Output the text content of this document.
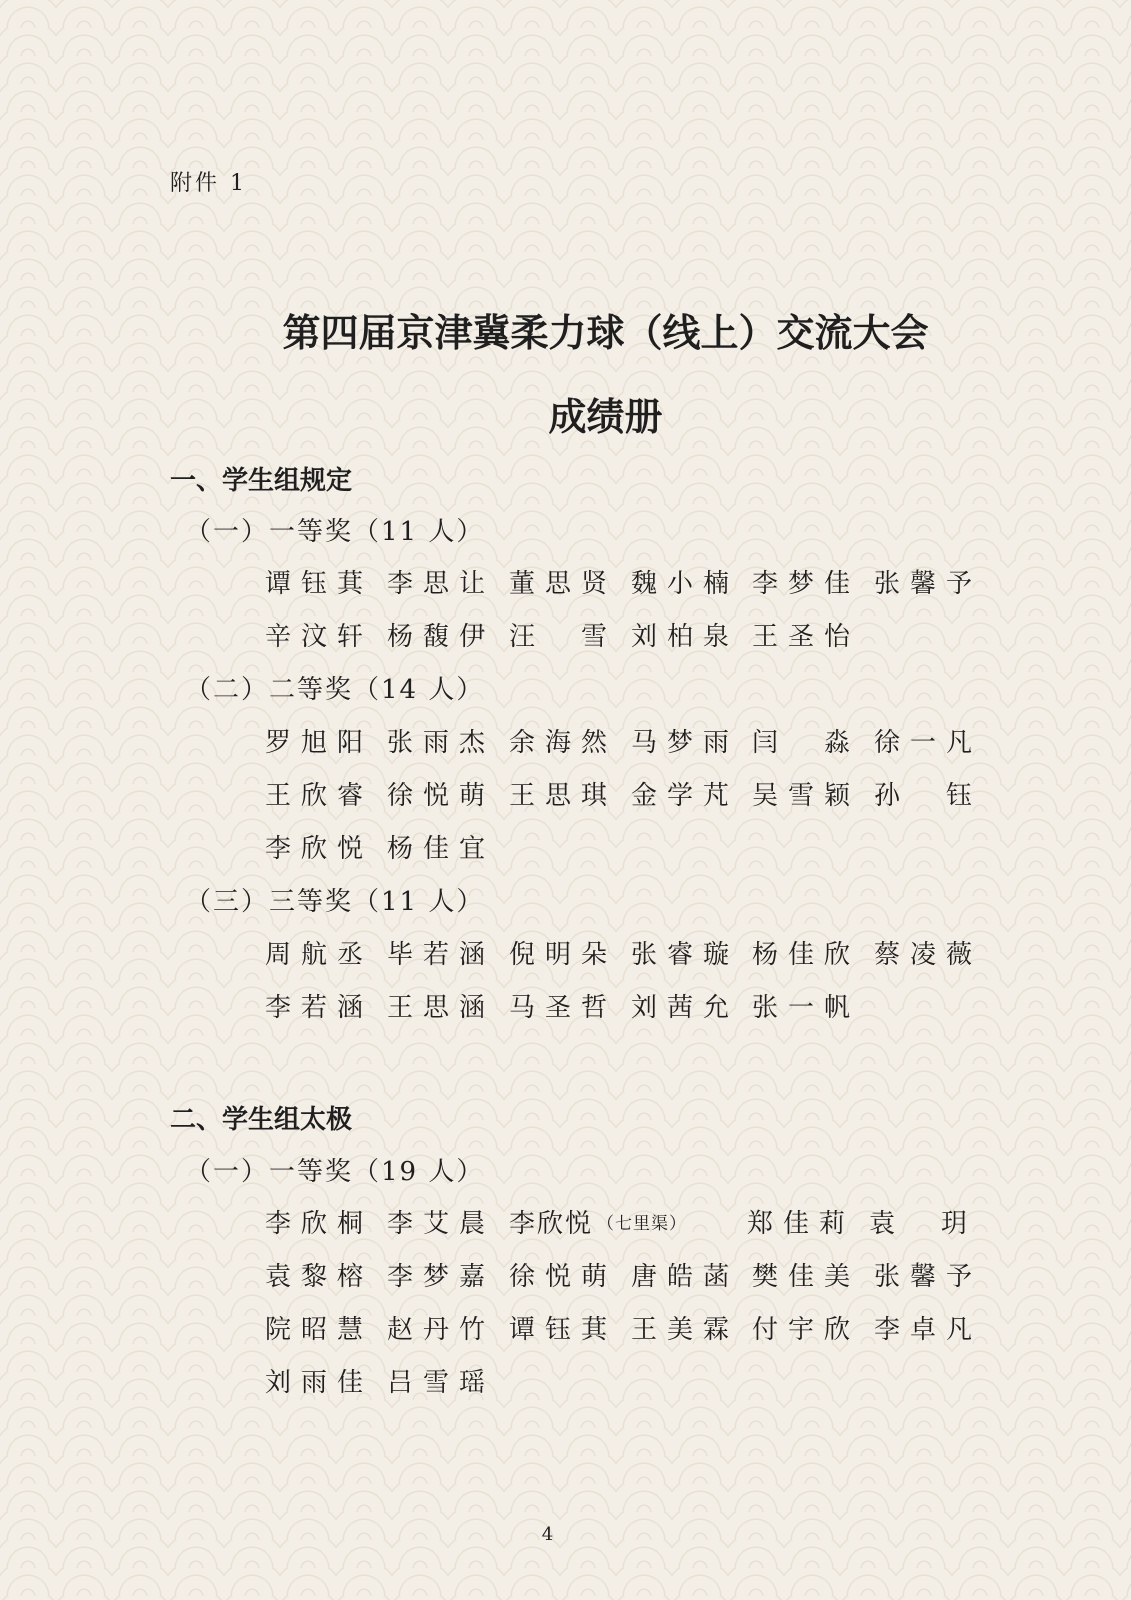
附件 1
第四届京津冀柔力球（线上）交流大会
成绩册
一、学生组规定
（一）一等奖（11 人）
谭钰萁 李思让 董思贤 魏小楠 李梦佳 张馨予
辛汶轩 杨馥伊 汪　雪 刘柏泉 王圣怡
（二）二等奖（14 人）
罗旭阳 张雨杰 余海然 马梦雨 闫　淼 徐一凡
王欣睿 徐悦萌 王思琪 金学芃 吴雪颖 孙　钰
李欣悦 杨佳宜
（三）三等奖（11 人）
周航丞 毕若涵 倪明朵 张睿璇 杨佳欣 蔡凌薇
李若涵 王思涵 马圣哲 刘茜允 张一帆
二、学生组太极
（一）一等奖（19 人）
李欣桐 李艾晨 李欣悦 （七里渠） 郑佳莉 袁　玥
袁黎榕 李梦嘉 徐悦萌 唐皓菡 樊佳美 张馨予
院昭慧 赵丹竹 谭钰萁 王美霖 付宇欣 李卓凡
刘雨佳 吕雪瑶
4
